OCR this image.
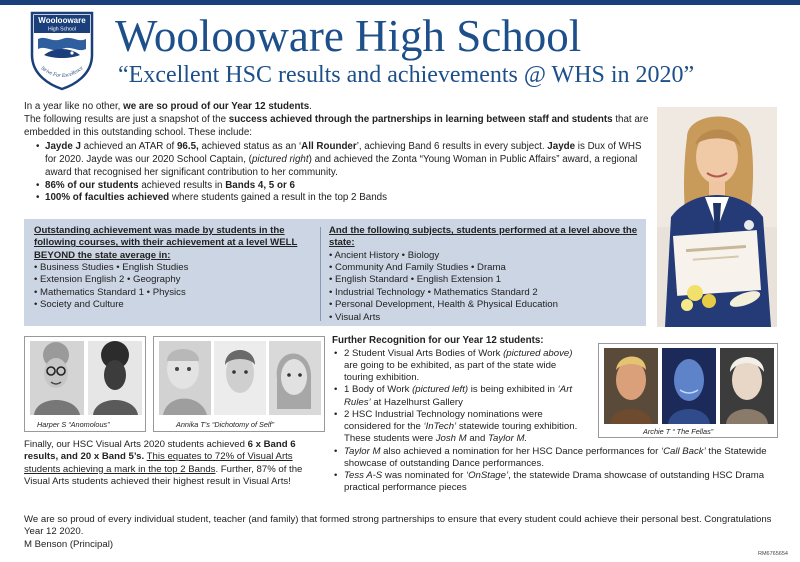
Woolooware
High School
Strive For Excellence
Woolooware High School
“Excellent HSC results and achievements @ WHS in 2020”

In a year like no other, we are so proud of our Year 12 students.

The following results are just a snapshot of the success achieved through the partnerships in learning between staff and students that are embedded in this outstanding school. These include:

• Jayde J achieved an ATAR of 96.5, achieved status as an ‘All Rounder’, achieving Band 6 results in every subject. Jayde is Dux of WHS for 2020. Jayde was our 2020 School Captain, (pictured right) and achieved the Zonta “Young Woman in Public Affairs” award, a regional award that recognised her significant contribution to her community.
• 86% of our students achieved results in Bands 4, 5 or 6
• 100% of faculties achieved where students gained a result in the top 2 Bands
Outstanding achievement was made by students in the following courses, with their achievement at a level WELL BEYOND the state average in:
• Business Studies • English Studies
• Extension English 2 • Geography
• Mathematics Standard 1 • Physics
• Society and Culture
And the following subjects, students performed at a level above the state:
• Ancient History • Biology
• Community And Family Studies • Drama
• English Standard • English Extension 1
• Industrial Technology • Mathematics Standard 2
• Personal Development, Health & Physical Education
• Visual Arts
Harper S “Anomolous”	Annika T’s “Dichotomy of Self”
Finally, our HSC Visual Arts 2020 students achieved 6 x Band 6 results, and 20 x Band 5’s. This equates to 72% of Visual Arts students achieving a mark in the top 2 Bands. Further, 87% of the Visual Arts students achieved their highest result in Visual Arts!
Archie T “ The Fellas”
Further Recognition for our Year 12 students:
• 2 Student Visual Arts Bodies of Work (pictured above) are going to be exhibited, as part of the state wide touring exhibition.
• 1 Body of Work (pictured left) is being exhibited in ‘Art Rules’ at Hazelhurst Gallery
• 2 HSC Industrial Technology nominations were considered for the ‘InTech’ statewide touring exhibition. These students were Josh M and Taylor M.
• Taylor M also achieved a nomination for her HSC Dance performances for ‘Call Back’ the Statewide showcase of outstanding Dance performances.
• Tess A-S was nominated for ‘OnStage’, the statewide Drama showcase of outstanding HSC Drama practical performance pieces

We are so proud of every individual student, teacher (and family) that formed strong partnerships to ensure that every student could achieve their personal best. Congratulations Year 12 2020.

M Benson (Principal)

RM6765654
